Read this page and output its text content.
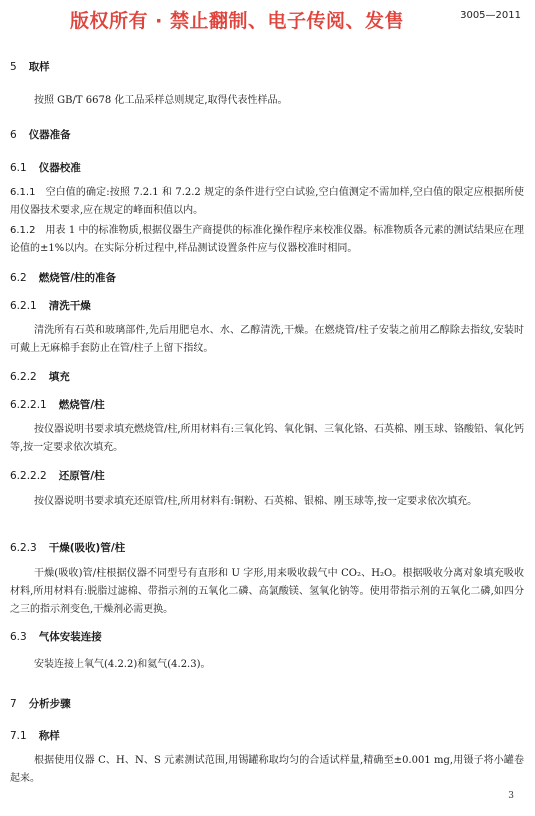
版权所有 · 禁止翻制、电子传阅、发售	3005—2011
5 取样
按照 GB/T 6678 化工品采样总则规定,取得代表性样品。
6 仪器准备
6.1 仪器校准
6.1.1 空白值的确定:按照 7.2.1 和 7.2.2 规定的条件进行空白试验,空白值测定不需加样,空白值的限定应根据所使用仪器技术要求,应在规定的峰面积值以内。
6.1.2 用表 1 中的标准物质,根据仪器生产商提供的标准化操作程序来校准仪器。标准物质各元素的测试结果应在理论值的±1%以内。在实际分析过程中,样品测试设置条件应与仪器校准时相同。
6.2 燃烧管/柱的准备
6.2.1 清洗干燥
清洗所有石英和玻璃部件,先后用肥皂水、水、乙醇清洗,干燥。在燃烧管/柱子安装之前用乙醇除去指纹,安装时可戴上无麻棉手套防止在管/柱子上留下指纹。
6.2.2 填充
6.2.2.1 燃烧管/柱
按仪器说明书要求填充燃烧管/柱,所用材料有:三氧化钨、氧化铜、三氧化铬、石英棉、刚玉球、铬酸铅、氧化钙等,按一定要求依次填充。
6.2.2.2 还原管/柱
按仪器说明书要求填充还原管/柱,所用材料有:铜粉、石英棉、银棉、刚玉球等,按一定要求依次填充。
6.2.3 干燥(吸收)管/柱
干燥(吸收)管/柱根据仪器不同型号有直形和 U 字形,用来吸收载气中 CO₂、H₂O。根据吸收分离对象填充吸收材料,所用材料有:脱脂过滤棉、带指示剂的五氧化二磷、高氯酸镁、氢氧化钠等。使用带指示剂的五氧化二磷,如四分之三的指示剂变色,干燥剂必需更换。
6.3 气体安装连接
安装连接上氧气(4.2.2)和氦气(4.2.3)。
7 分析步骤
7.1 称样
根据使用仪器 C、H、N、S 元素测试范围,用锡罐称取均匀的合适试样量,精确至±0.001 mg,用镊子将小罐卷起来。
3
